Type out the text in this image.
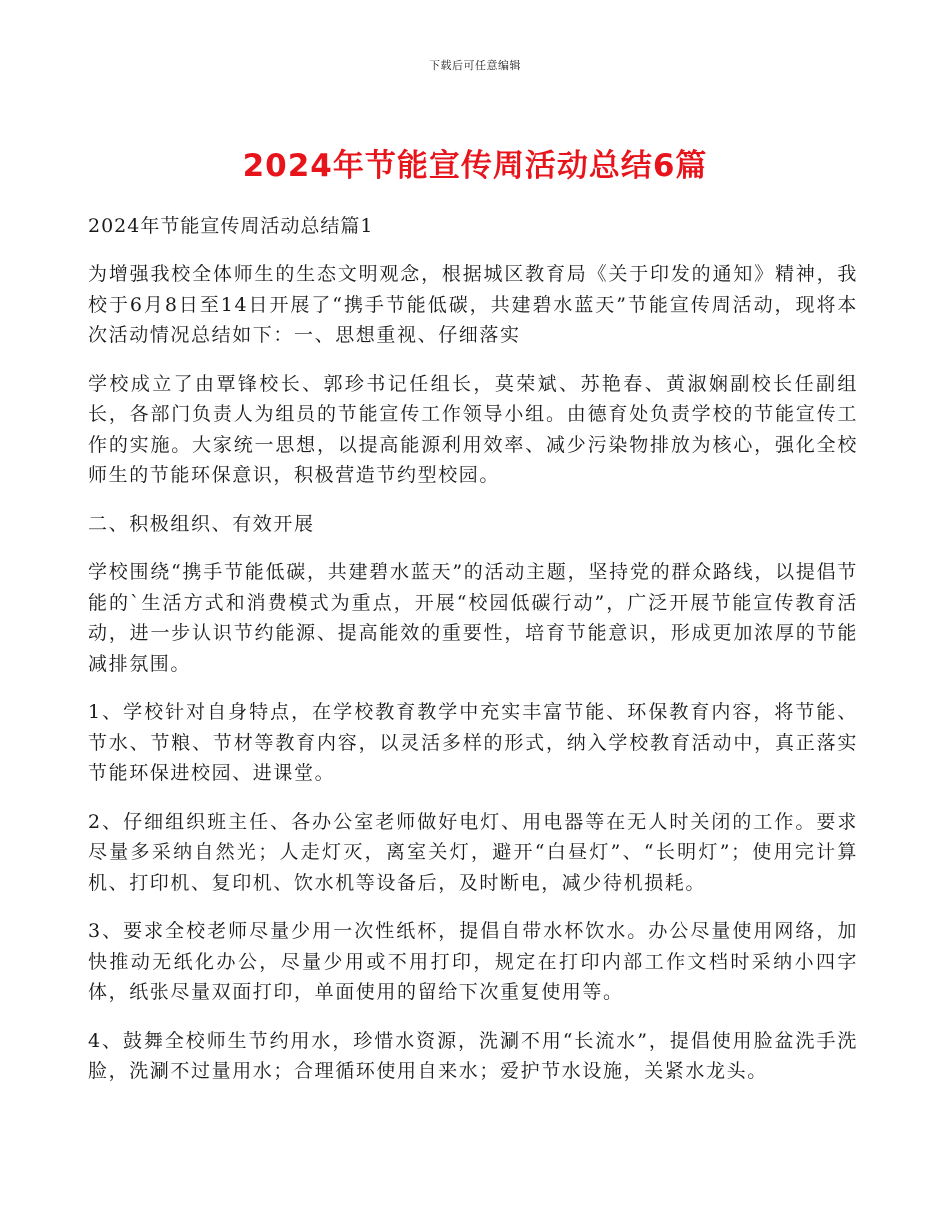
下载后可任意编辑
2024年节能宣传周活动总结6篇

2024年节能宣传周活动总结篇1

为增强我校全体师生的生态文明观念，根据城区教育局《关于印发的通知》精神，我校于6月8日至14日开展了“携手节能低碳，共建碧水蓝天”节能宣传周活动，现将本次活动情况总结如下：一、思想重视、仔细落实

学校成立了由覃锋校长、郭珍书记任组长，莫荣斌、苏艳春、黄淑娴副校长任副组长，各部门负责人为组员的节能宣传工作领导小组。由德育处负责学校的节能宣传工作的实施。大家统一思想，以提高能源利用效率、减少污染物排放为核心，强化全校师生的节能环保意识，积极营造节约型校园。

二、积极组织、有效开展

学校围绕“携手节能低碳，共建碧水蓝天”的活动主题，坚持党的群众路线，以提倡节能的`生活方式和消费模式为重点，开展“校园低碳行动”，广泛开展节能宣传教育活动，进一步认识节约能源、提高能效的重要性，培育节能意识，形成更加浓厚的节能减排氛围。

1、学校针对自身特点，在学校教育教学中充实丰富节能、环保教育内容，将节能、节水、节粮、节材等教育内容，以灵活多样的形式，纳入学校教育活动中，真正落实节能环保进校园、进课堂。

2、仔细组织班主任、各办公室老师做好电灯、用电器等在无人时关闭的工作。要求尽量多采纳自然光；人走灯灭，离室关灯，避开“白昼灯”、“长明灯”；使用完计算机、打印机、复印机、饮水机等设备后，及时断电，减少待机损耗。

3、要求全校老师尽量少用一次性纸杯，提倡自带水杯饮水。办公尽量使用网络，加快推动无纸化办公，尽量少用或不用打印，规定在打印内部工作文档时采纳小四字体，纸张尽量双面打印，单面使用的留给下次重复使用等。

4、鼓舞全校师生节约用水，珍惜水资源，洗涮不用“长流水”，提倡使用脸盆洗手洗脸，洗涮不过量用水；合理循环使用自来水；爱护节水设施，关紧水龙头。
